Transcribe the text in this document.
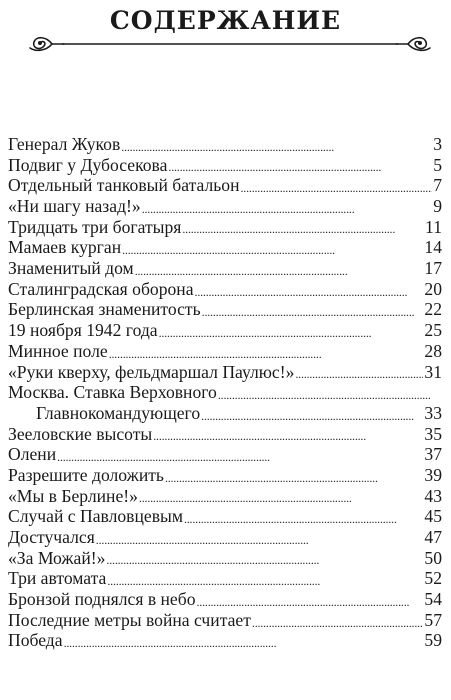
СОДЕРЖАНИЕ
Генерал Жуков . . .	3
Подвиг у Дубосекова . . .	5
Отдельный танковый батальон . . .	7
«Ни шагу назад!» . . .	9
Тридцать три богатыря . . .	11
Мамаев курган . . .	14
Знаменитый дом . . .	17
Сталинградская оборона . . .	20
Берлинская знаменитость . . .	22
19 ноября 1942 года . . .	25
Минное поле . . .	28
«Руки кверху, фельдмаршал Паулюс!» . . .	31
Москва. Ставка Верховного
. . .
Главнокомандующего . . .	33
Зееловские высоты . . .	35
Олени . . .	37
Разрешите доложить . . .	39
«Мы в Берлине!» . . .	43
Случай с Павловцевым . . .	45
Достучался . . .	47
«За Можай!» . . .	50
Три автомата . . .	52
Бронзой поднялся в небо . . .	54
Последние метры война считает . . .	57
Победа . . .	59
